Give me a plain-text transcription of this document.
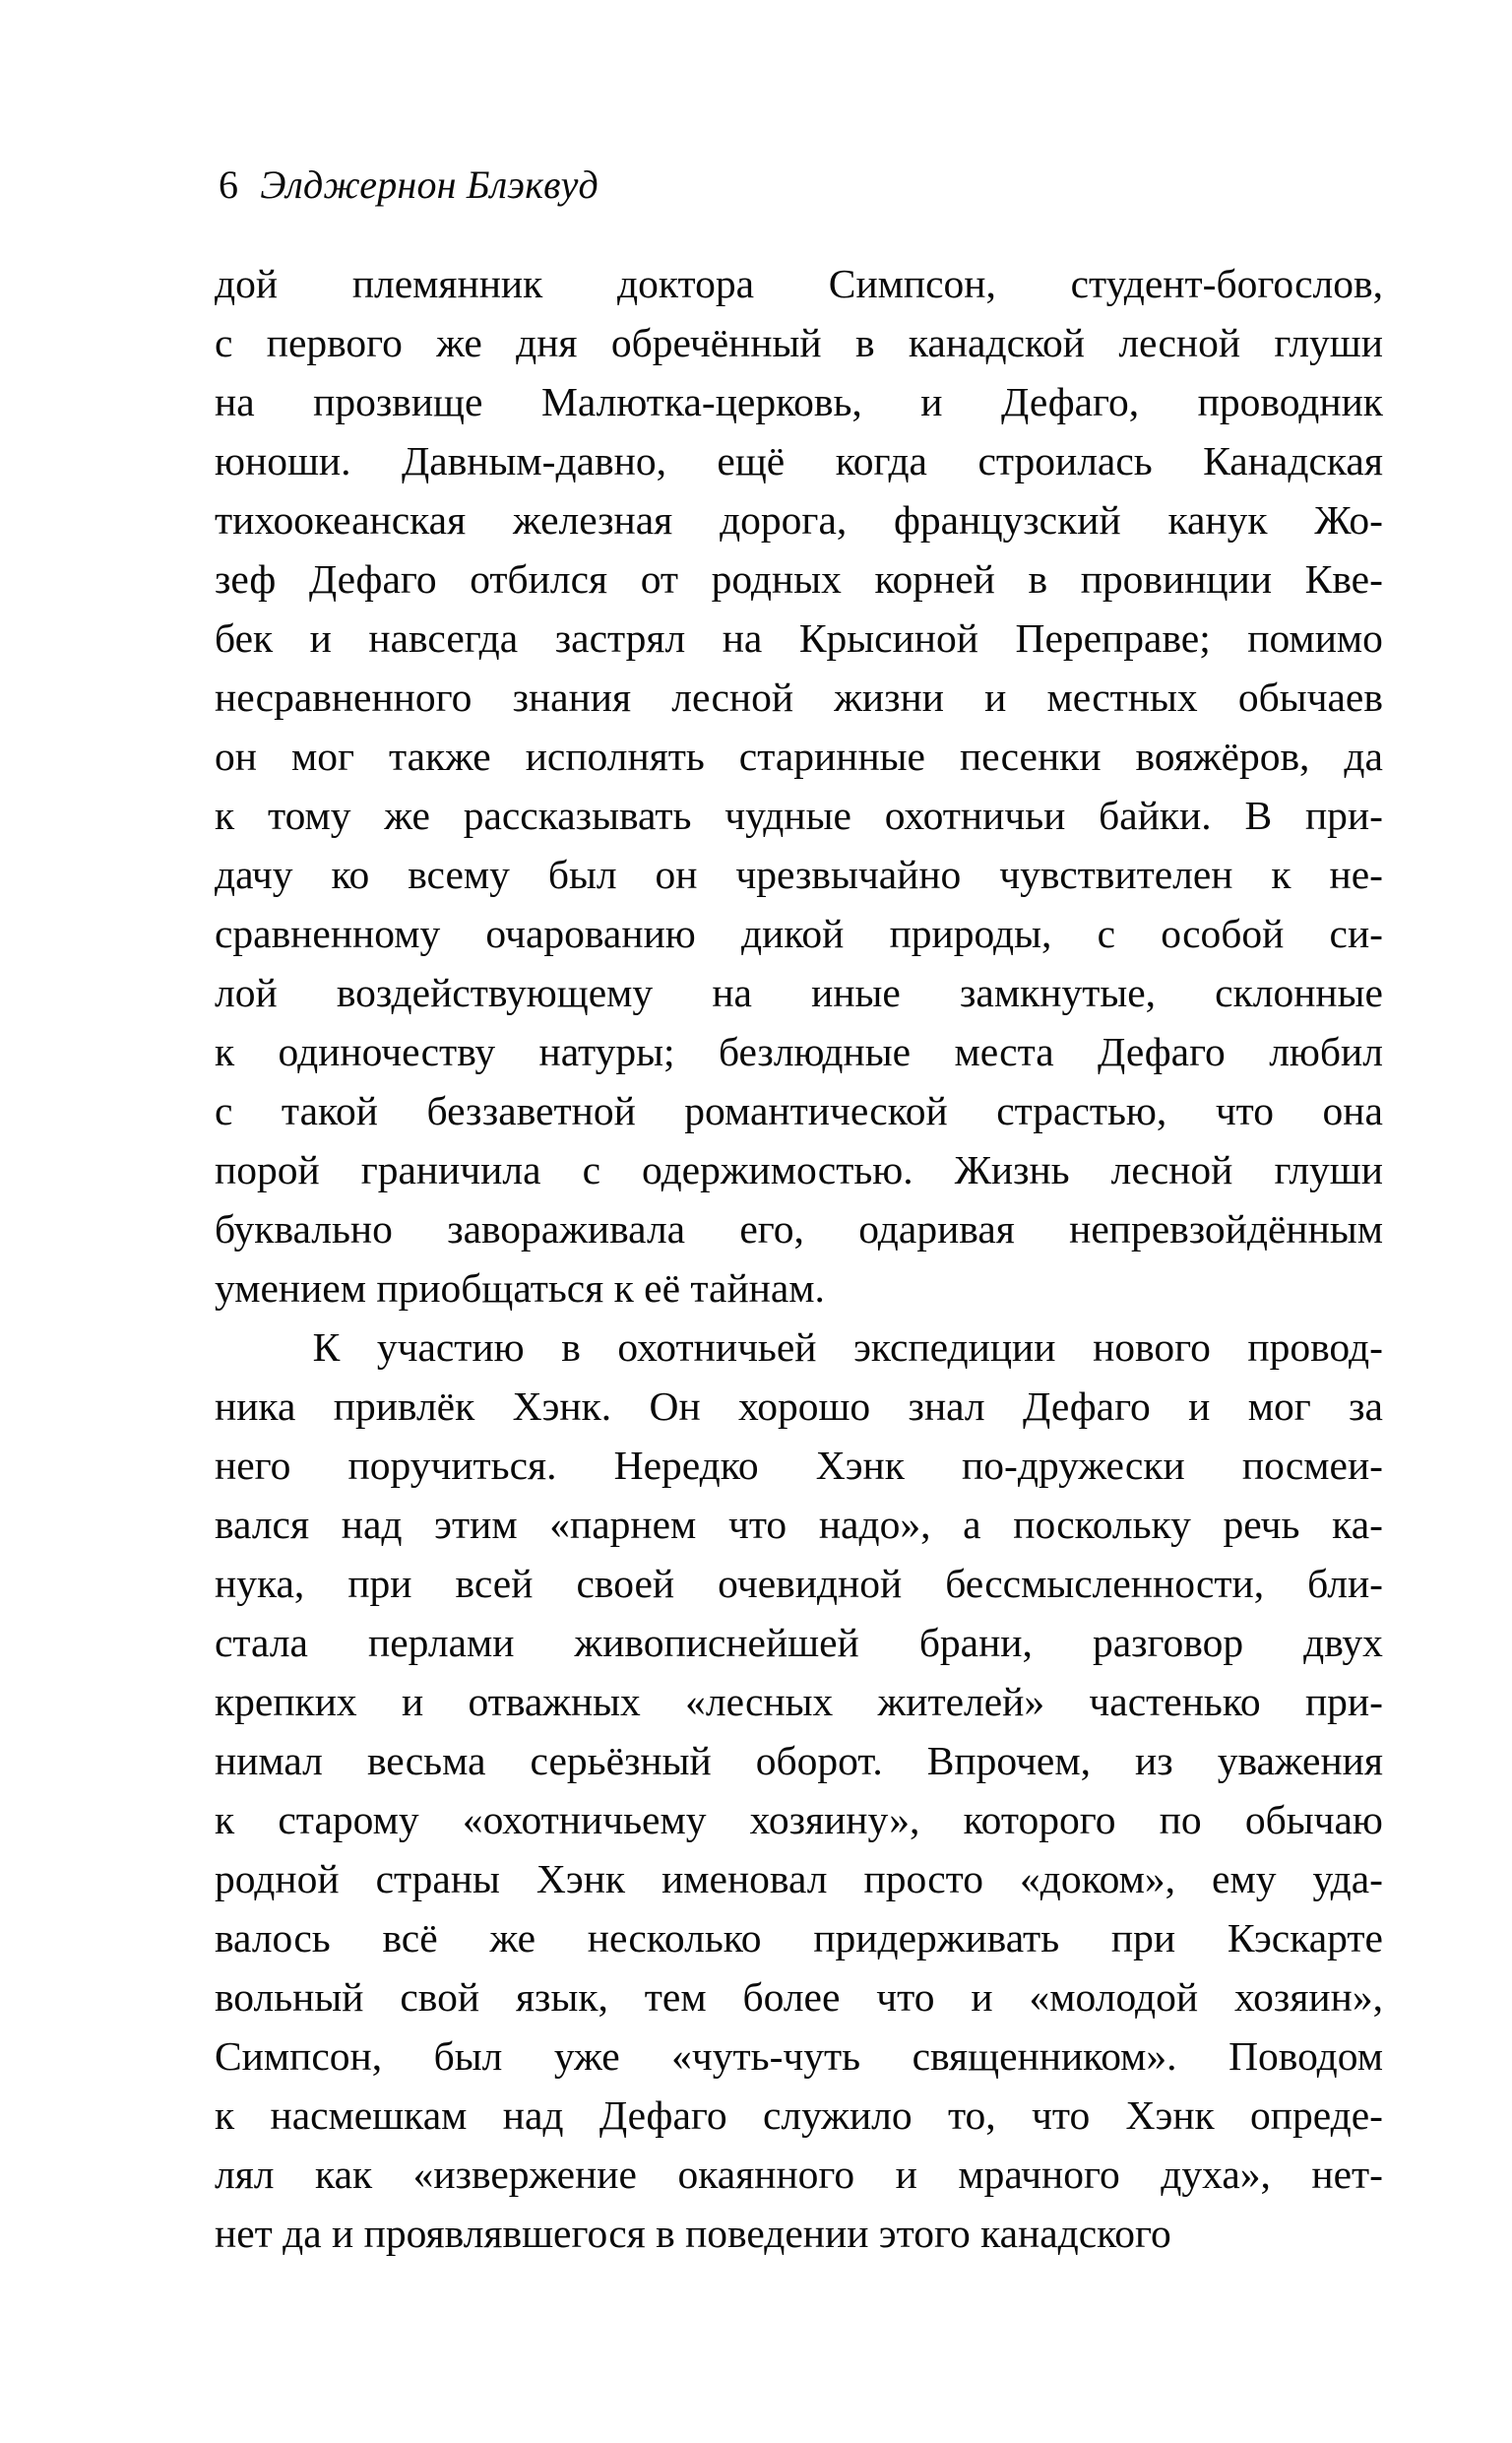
6 Элджернон Блэквуд

дой племянник доктора Симпсон, студент-богослов,
с первого же дня обречённый в канадской лесной глуши
на прозвище Малютка-церковь, и Дефаго, проводник
юноши. Давным-давно, ещё когда строилась Канадская
тихоокеанская железная дорога, французский канук Жо-
зеф Дефаго отбился от родных корней в провинции Кве-
бек и навсегда застрял на Крысиной Переправе; помимо
несравненного знания лесной жизни и местных обычаев
он мог также исполнять старинные песенки вояжёров, да
к тому же рассказывать чудные охотничьи байки. В при-
дачу ко всему был он чрезвычайно чувствителен к не-
сравненному очарованию дикой природы, с особой си-
лой воздействующему на иные замкнутые, склонные
к одиночеству натуры; безлюдные места Дефаго любил
с такой беззаветной романтической страстью, что она
порой граничила с одержимостью. Жизнь лесной глуши
буквально завораживала его, одаривая непревзойдённым
умением приобщаться к её тайнам.

К участию в охотничьей экспедиции нового провод-
ника привлёк Хэнк. Он хорошо знал Дефаго и мог за
него поручиться. Нередко Хэнк по-дружески посмеи-
вался над этим «парнем что надо», а поскольку речь ка-
нука, при всей своей очевидной бессмысленности, бли-
стала перлами живописнейшей брани, разговор двух
крепких и отважных «лесных жителей» частенько при-
нимал весьма серьёзный оборот. Впрочем, из уважения
к старому «охотничьему хозяину», которого по обычаю
родной страны Хэнк именовал просто «доком», ему уда-
валось всё же несколько придерживать при Кэскарте
вольный свой язык, тем более что и «молодой хозяин»,
Симпсон, был уже «чуть-чуть священником». Поводом
к насмешкам над Дефаго служило то, что Хэнк опреде-
лял как «извержение окаянного и мрачного духа», нет-
нет да и проявлявшегося в поведении этого канадского
